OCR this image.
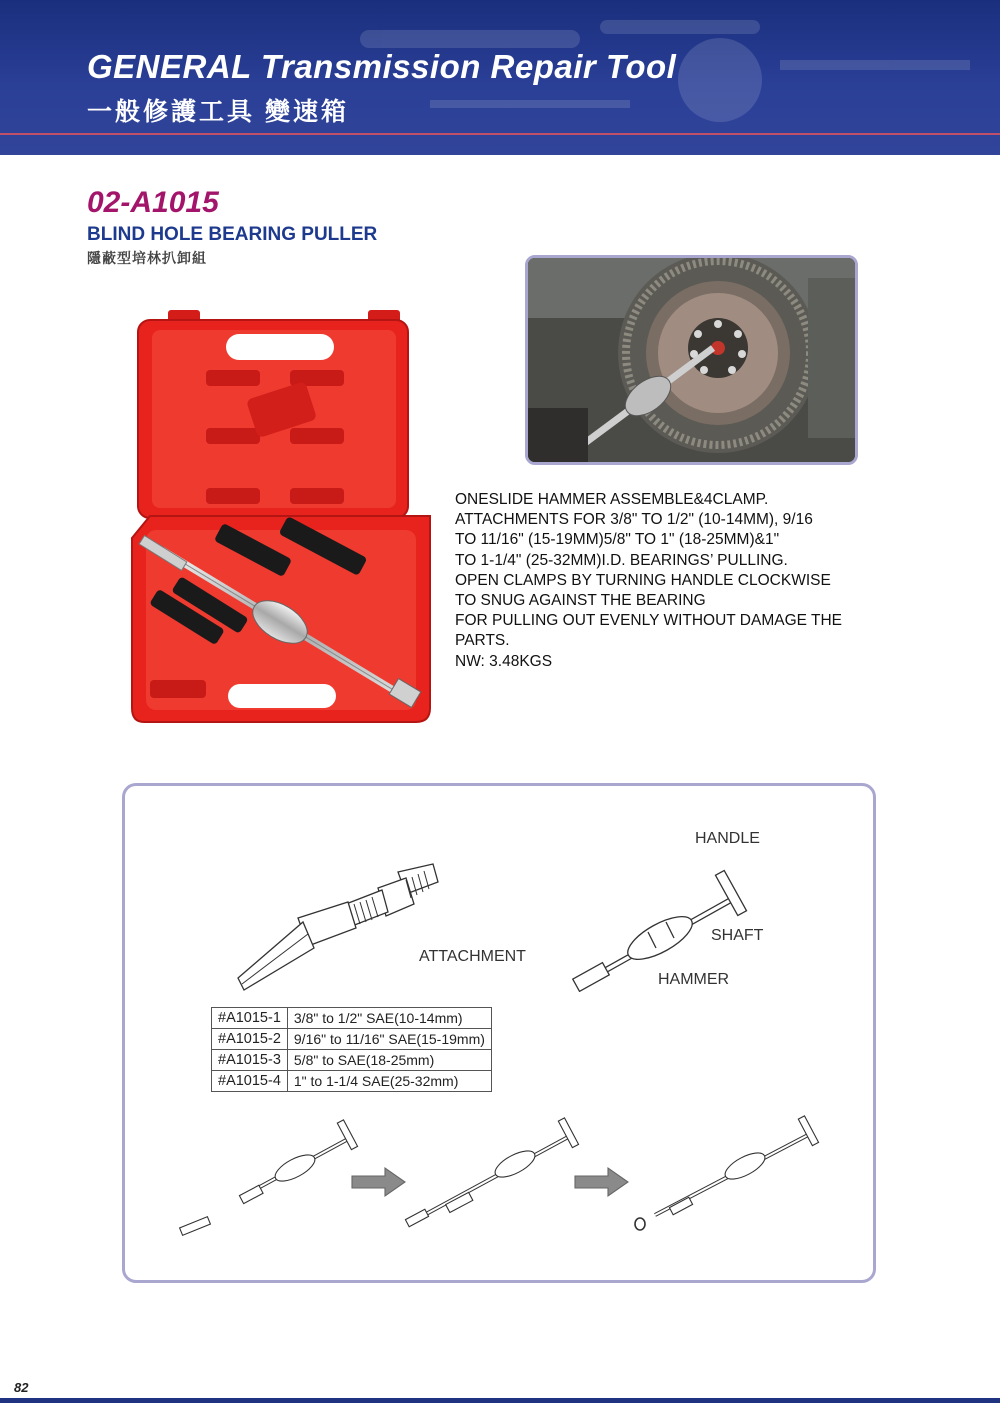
GENERAL Transmission Repair Tool
一般修護工具 變速箱
02-A1015
BLIND HOLE BEARING PULLER
隱蔽型培林扒卸組
ONESLIDE HAMMER ASSEMBLE&4CLAMP.
ATTACHMENTS FOR 3/8" TO 1/2" (10-14MM), 9/16
TO 11/16" (15-19MM)5/8" TO 1" (18-25MM)&1"
TO 1-1/4" (25-32MM)I.D. BEARINGS’ PULLING.
OPEN CLAMPS BY TURNING HANDLE CLOCKWISE
TO SNUG AGAINST THE BEARING
FOR PULLING OUT EVENLY WITHOUT DAMAGE THE
PARTS.
NW: 3.48KGS
HANDLE
SHAFT
HAMMER
ATTACHMENT
#A1015-1	3/8" to 1/2" SAE(10-14mm)
#A1015-2	9/16" to 11/16" SAE(15-19mm)
#A1015-3	5/8" to SAE(18-25mm)
#A1015-4	1" to 1-1/4 SAE(25-32mm)
82
